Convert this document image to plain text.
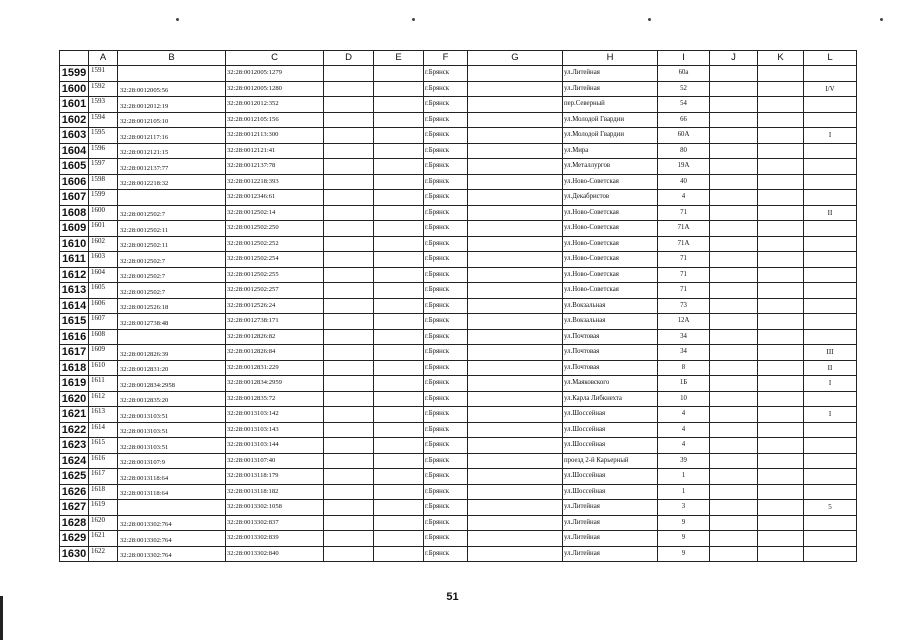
	A	B	C	D	E	F	G	H	I	J	K	L
1599	1591		32:28:0012005:1279			г.Брянск		ул.Литейная	60а			
1600	1592	32:28:0012005:56	32:28:0012005:1280			г.Брянск		ул.Литейная	52			I/V
1601	1593	32:28:0012012:19	32:28:0012012:352			г.Брянск		пер.Северный	54			
1602	1594	32:28:0012105:10	32:28:0012105:156			г.Брянск		ул.Молодой Гвардии	66			
1603	1595	32:28:0012117:16	32:28:0012113:300			г.Брянск		ул.Молодой Гвардии	60А			I
1604	1596	32:28:0012121:15	32:28:0012121:41			г.Брянск		ул.Мира	80			
1605	1597	32:28:0012137:77	32:28:0012137:78			г.Брянск		ул.Металлургов	19А			
1606	1598	32:28:0012218:32	32:28:0012218:393			г.Брянск		ул.Ново-Советская	40			
1607	1599		32:28:0012346:61			г.Брянск		ул.Декабристов	4			
1608	1600	32:28:0012502:7	32:28:0012502:14			г.Брянск		ул.Ново-Советская	71			II
1609	1601	32:28:0012502:11	32:28:0012502:250			г.Брянск		ул.Ново-Советская	71А			
1610	1602	32:28:0012502:11	32:28:0012502:252			г.Брянск		ул.Ново-Советская	71А			
1611	1603	32:28:0012502:7	32:28:0012502:254			г.Брянск		ул.Ново-Советская	71			
1612	1604	32:28:0012502:7	32:28:0012502:255			г.Брянск		ул.Ново-Советская	71			
1613	1605	32:28:0012502:7	32:28:0012502:257			г.Брянск		ул.Ново-Советская	71			
1614	1606	32:28:0012526:18	32:28:0012526:24			г.Брянск		ул.Вокзальная	73			
1615	1607	32:28:0012738:48	32:28:0012738:171			г.Брянск		ул.Вокзальная	12А			
1616	1608		32:28:0012826:82			г.Брянск		ул.Почтовая	34			
1617	1609	32:28:0012826:39	32:28:0012826:84			г.Брянск		ул.Почтовая	34			III
1618	1610	32:28:0012831:20	32:28:0012831:229			г.Брянск		ул.Почтовая	8			II
1619	1611	32:28:0012834:2958	32:28:0012834:2959			г.Брянск		ул.Маяковского	1Б			I
1620	1612	32:28:0012835:20	32:28:0012835:72			г.Брянск		ул.Карла Либкнехта	10			
1621	1613	32:28:0013103:51	32:28:0013103:142			г.Брянск		ул.Шоссейная	4			I
1622	1614	32:28:0013103:51	32:28:0013103:143			г.Брянск		ул.Шоссейная	4			
1623	1615	32:28:0013103:51	32:28:0013103:144			г.Брянск		ул.Шоссейная	4			
1624	1616	32:28:0013107:9	32:28:0013107:40			г.Брянск		проезд 2-й Карьерный	39			
1625	1617	32:28:0013118:64	32:28:0013118:179			г.Брянск		ул.Шоссейная	1			
1626	1618	32:28:0013118:64	32:28:0013118:182			г.Брянск		ул.Шоссейная	1			
1627	1619		32:28:0013302:1058			г.Брянск		ул.Литейная	3			5
1628	1620	32:28:0013302:764	32:28:0013302:837			г.Брянск		ул.Литейная	9			
1629	1621	32:28:0013302:764	32:28:0013302:839			г.Брянск		ул.Литейная	9			
1630	1622	32:28:0013302:764	32:28:0013302:840			г.Брянск		ул.Литейная	9			
51
